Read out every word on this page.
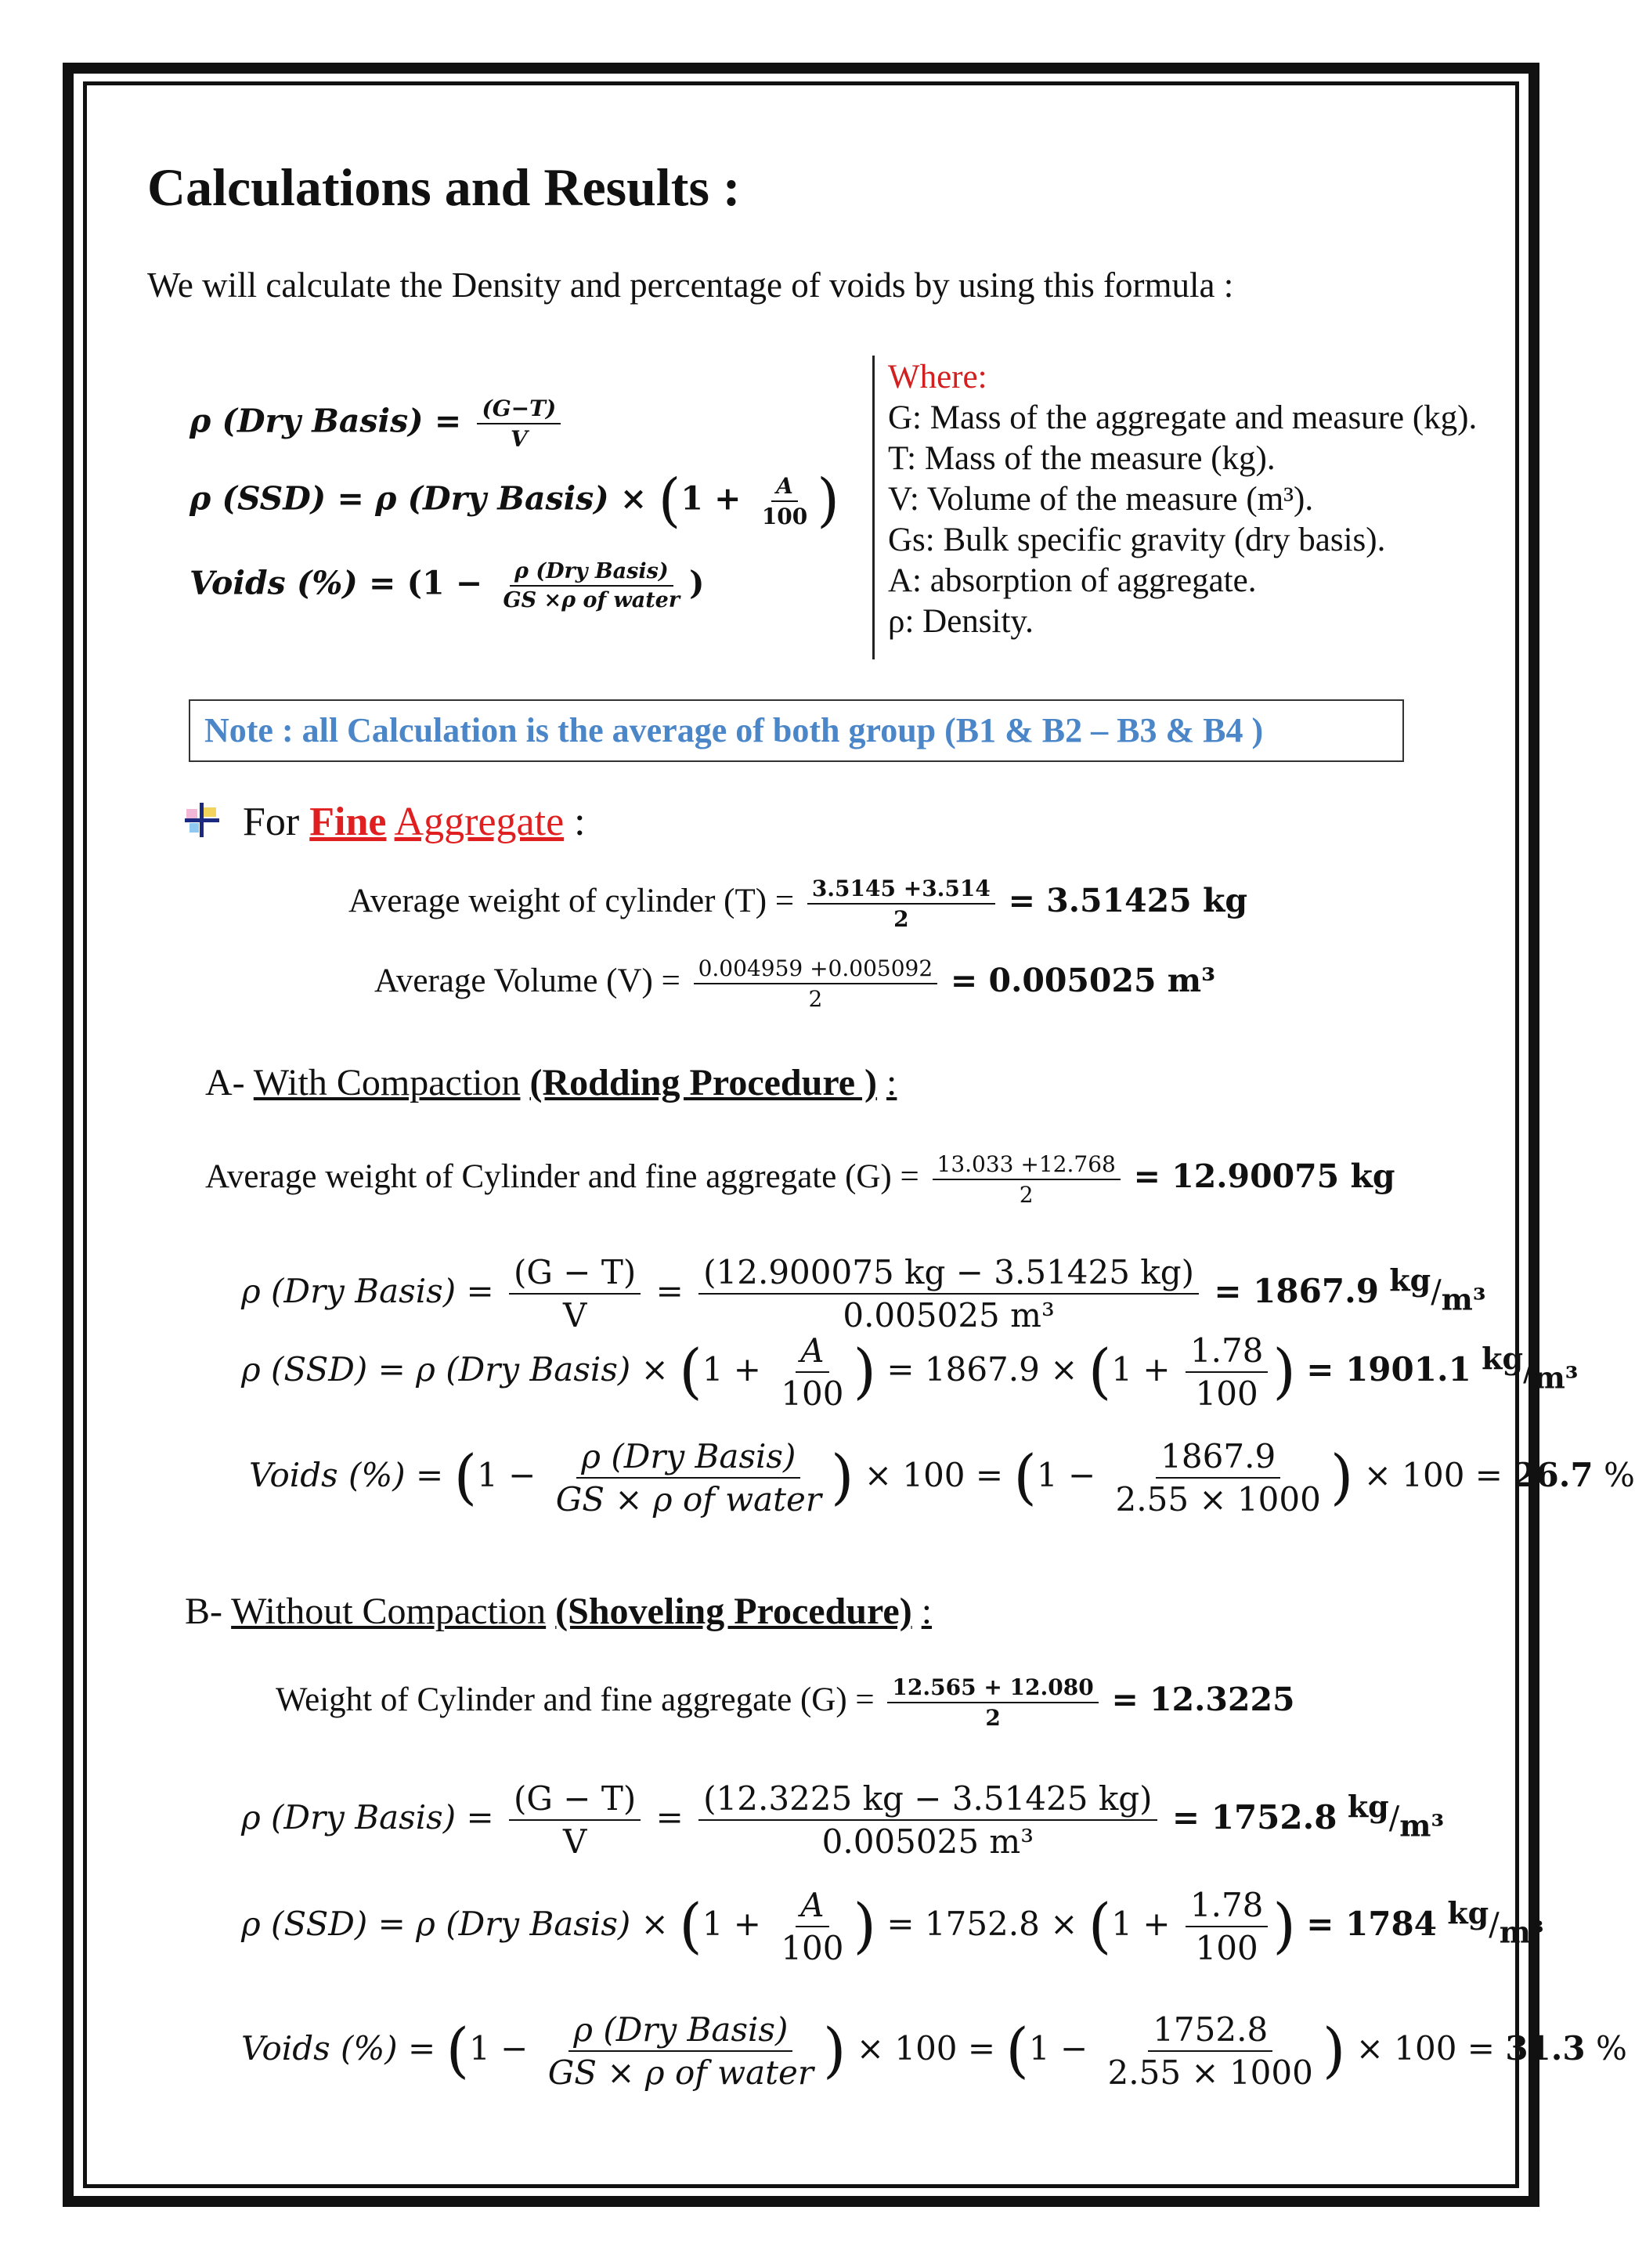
Calculations and Results :
We will calculate the Density and percentage of voids by using this formula :
ρ (Dry Basis) = $\frac{(G-T)}{V}$
ρ (SSD) = ρ (Dry Basis) × ($1 + \frac{A}{100}$ )
Voids (%) = ($1 - \frac{\text{ρ (Dry Basis)}}{\text{GS ×ρ of water}}$ )
Where:
G: Mass of the aggregate and measure (kg).
T: Mass of the measure (kg).
V: Volume of the measure (m³).
Gs: Bulk specific gravity (dry basis).
A: absorption of aggregate.
ρ: Density.
Note : all Calculation is the average of both group (B1 & B2 – B3 & B4 )
For Fine Aggregate :
Average weight of cylinder $(T) = \frac{3.5145 +3.514}{2} = 3.51425$ kg
Average Volume $(V) = \frac{0.004959 +0.005092}{2} = 0.005025$ m³
A- With Compaction (Rodding Procedure ) :
Average weight of Cylinder and fine aggregate $(G) = \frac{13.033 +12.768}{2} = 12.90075$ kg
ρ (Dry Basis) = $\frac{(G - T)}{V} = \frac{(12.900075 kg - 3.51425 kg)}{\text{0.005025 m³}} = 1867.9$ kg/m³
ρ (SSD) = ρ (Dry Basis) × ($1 + \frac{A}{100}$ ) = $1867.9 \times (1 + \frac{1.78}{100}$ ) = 1901.1 kg/m³
Voids (%) = ($1 - \frac{\text{ρ (Dry Basis)}}{\text{GS × ρ of water}}$ ) × $100 = (1 - \frac{1867.9}{2.55 \times 1000}$ ) × 100 = 26.7 %
B- Without Compaction (Shoveling Procedure) :
Weight of Cylinder and fine aggregate $(G) = \frac{12.565 + 12.080}{2} = 12.3225$
ρ (Dry Basis) = $\frac{(G - T)}{V} = \frac{(12.3225 kg - 3.51425 kg)}{\text{0.005025 m³}} = 1752.8$ kg/m³
ρ (SSD) = ρ (Dry Basis) × ($1 + \frac{A}{100}$ ) = $1752.8 \times (1 + \frac{1.78}{100}$ ) = 1784 kg/m³
Voids (%) = ($1 - \frac{\text{ρ (Dry Basis)}}{\text{GS × ρ of water}}$ ) × $100 = (1 - \frac{1752.8}{2.55 \times 1000}$ ) × 100 = 31.3 %
